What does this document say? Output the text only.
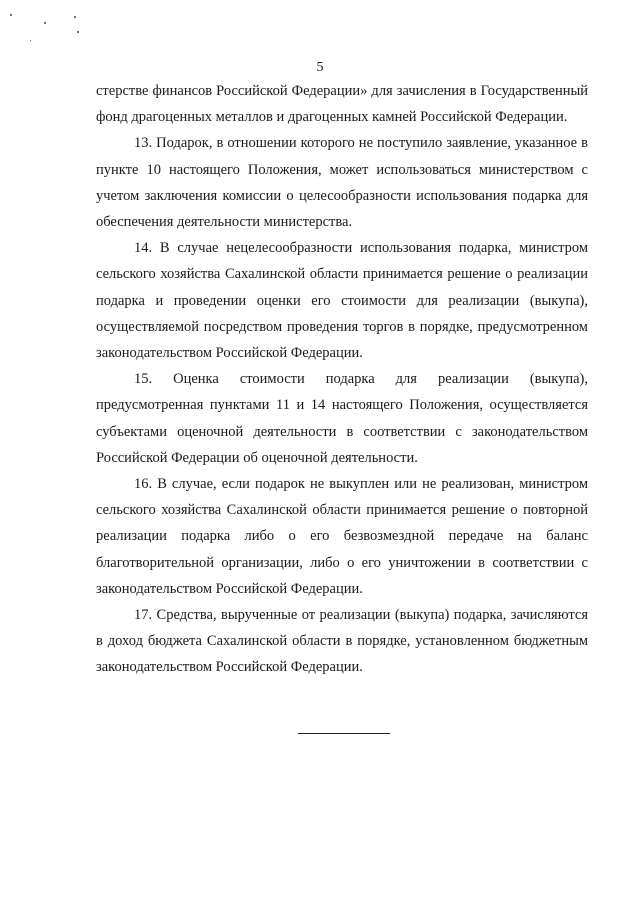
5

стерстве финансов Российской Федерации» для зачисления в Государственный фонд драгоценных металлов и драгоценных камней Российской Федерации.

13. Подарок, в отношении которого не поступило заявление, указанное в пункте 10 настоящего Положения, может использоваться министерством с учетом заключения комиссии о целесообразности использования подарка для обеспечения деятельности министерства.

14. В случае нецелесообразности использования подарка, министром сельского хозяйства Сахалинской области принимается решение о реализации подарка и проведении оценки его стоимости для реализации (выкупа), осуществляемой посредством проведения торгов в порядке, предусмотренном законодательством Российской Федерации.

15. Оценка стоимости подарка для реализации (выкупа), предусмотренная пунктами 11 и 14 настоящего Положения, осуществляется субъектами оценочной деятельности в соответствии с законодательством Российской Федерации об оценочной деятельности.

16. В случае, если подарок не выкуплен или не реализован, министром сельского хозяйства Сахалинской области принимается решение о повторной реализации подарка либо о его безвозмездной передаче на баланс благотворительной организации, либо о его уничтожении в соответствии с законодательством Российской Федерации.

17. Средства, вырученные от реализации (выкупа) подарка, зачисляются в доход бюджета Сахалинской области в порядке, установленном бюджетным законодательством Российской Федерации.
